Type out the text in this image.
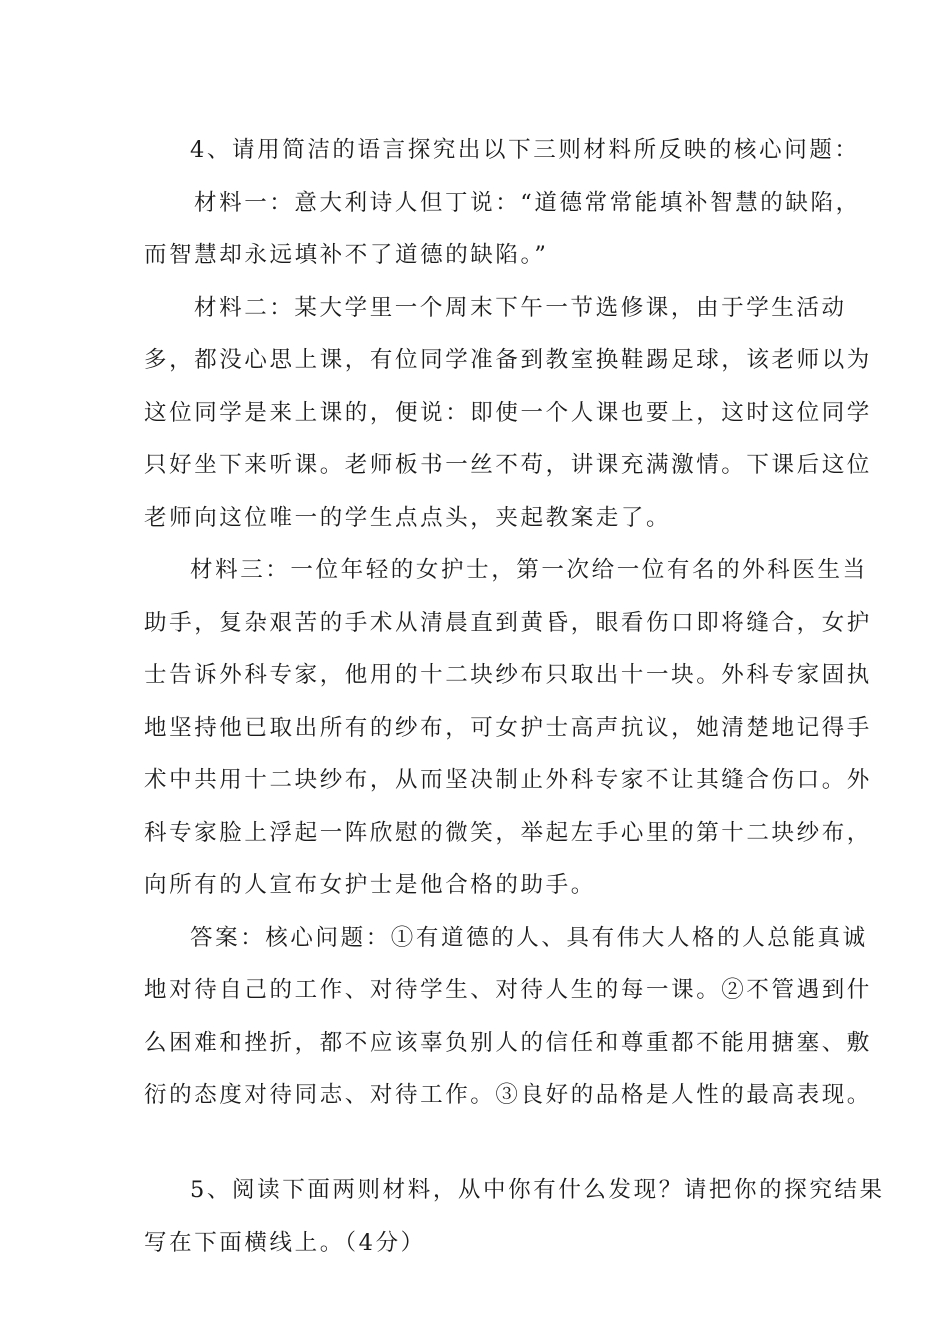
4、请用简洁的语言探究出以下三则材料所反映的核心问题：
材料一：意大利诗人但丁说：“道德常常能填补智慧的缺陷，
而智慧却永远填补不了道德的缺陷。”
材料二：某大学里一个周末下午一节选修课，由于学生活动
多，都没心思上课，有位同学准备到教室换鞋踢足球，该老师以为
这位同学是来上课的，便说：即使一个人课也要上，这时这位同学
只好坐下来听课。老师板书一丝不苟，讲课充满激情。下课后这位
老师向这位唯一的学生点点头，夹起教案走了。
材料三：一位年轻的女护士，第一次给一位有名的外科医生当
助手，复杂艰苦的手术从清晨直到黄昏，眼看伤口即将缝合，女护
士告诉外科专家，他用的十二块纱布只取出十一块。外科专家固执
地坚持他已取出所有的纱布，可女护士高声抗议，她清楚地记得手
术中共用十二块纱布，从而坚决制止外科专家不让其缝合伤口。外
科专家脸上浮起一阵欣慰的微笑，举起左手心里的第十二块纱布，
向所有的人宣布女护士是他合格的助手。
答案：核心问题：①有道德的人、具有伟大人格的人总能真诚
地对待自己的工作、对待学生、对待人生的每一课。②不管遇到什
么困难和挫折，都不应该辜负别人的信任和尊重都不能用搪塞、敷
衍的态度对待同志、对待工作。③良好的品格是人性的最高表现。
5、阅读下面两则材料，从中你有什么发现？请把你的探究结果
写在下面横线上。（4分）
